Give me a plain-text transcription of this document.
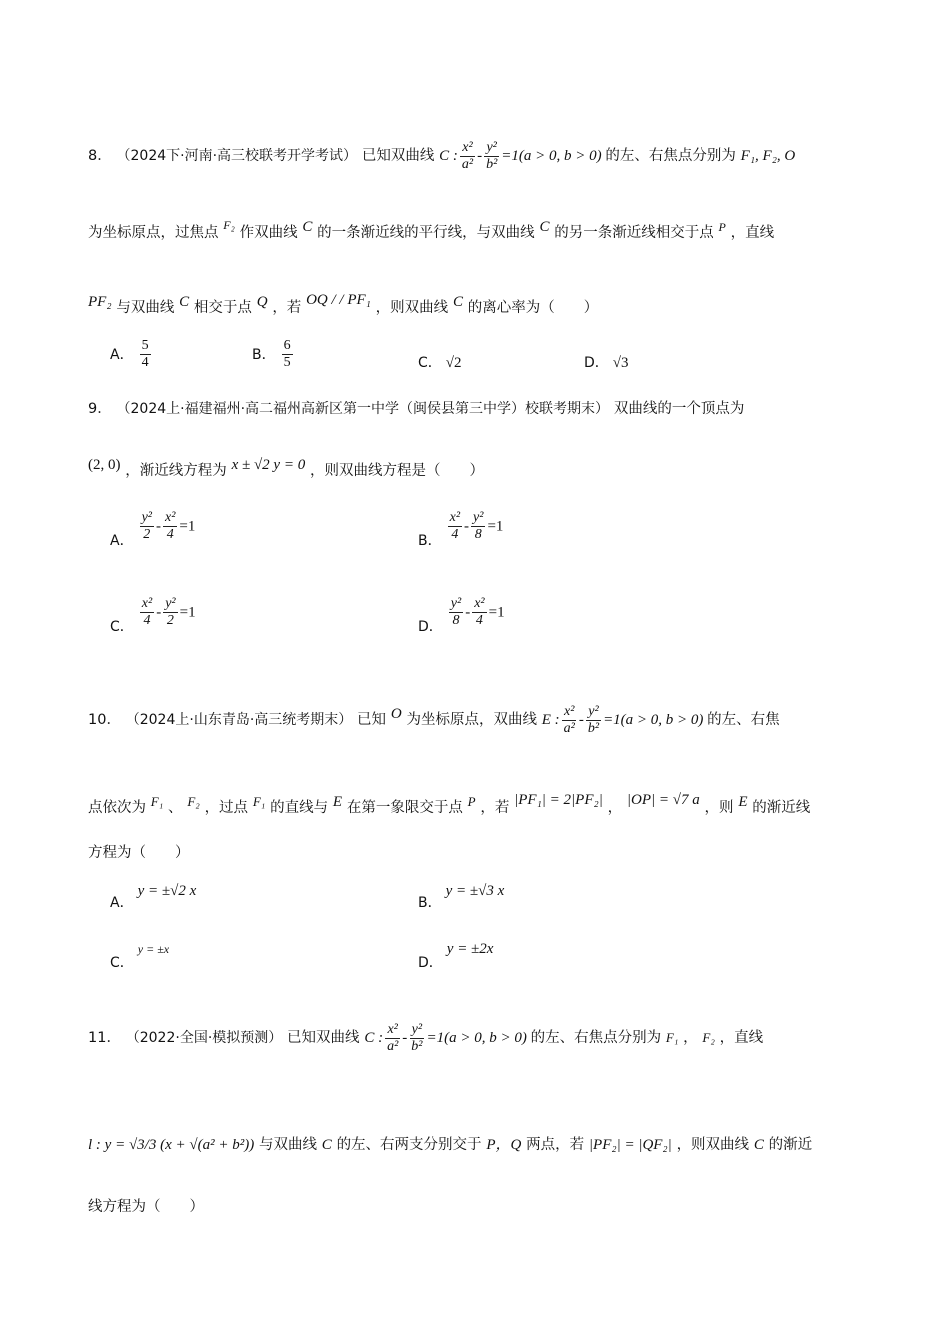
8． （2024下·河南·高三校联考开学考试） 已知双曲线 C : $\frac{\text{x²}}{\text{a²}} - \frac{\text{y²}}{\text{b²}} =1(a > 0$, b > 0) 的左、右焦点分别为 F₁, F₂, O
为坐标原点，过焦点 $^{F_2}$ 作双曲线 C 的一条渐近线的平行线，与双曲线 C 的另一条渐近线相交于点 $^P$ ，直线
PF₂ 与双曲线 C 相交于点 Q ，若 OQ / / PF₁ ，则双曲线 C 的离心率为（　　）
A． $\frac{5}{4}$	B． $\frac{6}{5}$	C． √2	D． √3
9． （2024上·福建福州·高二福州高新区第一中学（闽侯县第三中学）校联考期末） 双曲线的一个顶点为
(2, 0) ，渐近线方程为 x ± √2 y = 0 ，则双曲线方程是（　　）
A． $\frac{\text{y²}}{2} - \frac{\text{x²}}{4} =1$
B． $\frac{\text{x²}}{4} - \frac{\text{y²}}{8} =1$
C． $\frac{\text{x²}}{4} - \frac{\text{y²}}{2} =1$
D． $\frac{\text{y²}}{8} - \frac{\text{x²}}{4} =1$
10． （2024上·山东青岛·高三统考期末） 已知 O 为坐标原点，双曲线 E : $\frac{\text{x²}}{\text{a²}} - \frac{\text{y²}}{\text{b²}} =1(a > 0$, b > 0) 的左、右焦
点依次为 F₁ 、 F₂ ，过点 F₁ 的直线与 E 在第一象限交于点 P ，若 |PF₁| = 2|PF₂| ， |OP| = √7 a ，则 E 的渐近线
方程为（　　）
A．y = ±√2 x
B．y = ±√3 x
C．y = ±x
D．y = ±2x
11． （2022·全国·模拟预测） 已知双曲线 C : $\frac{\text{x²}}{\text{a²}} - \frac{\text{y²}}{\text{b²}} =1(a > 0$, b > 0) 的左、右焦点分别为 F₁ ， F₂ ，直线
l : y = √3/3 (x + √(a² + b²)) 与双曲线 C 的左、右两支分别交于 P，Q 两点，若 |PF₂| = |QF₂| ，则双曲线 C 的渐近
线方程为（　　）
